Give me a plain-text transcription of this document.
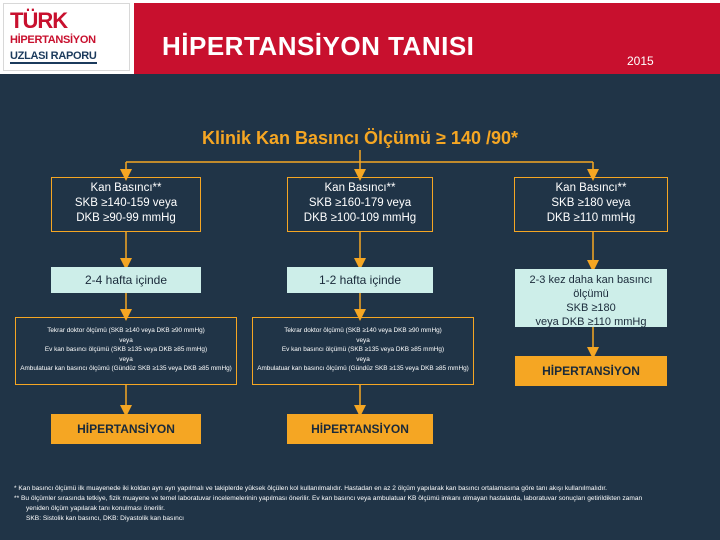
TÜRK
HİPERTANSİYON
UZLASI RAPORU	HİPERTANSİYON TANISI	2015
Klinik Kan Basıncı Ölçümü ≥ 140 /90*
Kan Basıncı**
SKB ≥140-159 veya
DKB ≥90-99 mmHg
2-4 hafta içinde
Tekrar doktor ölçümü (SKB ≥140 veya DKB ≥90 mmHg)
veya
Ev kan basıncı ölçümü (SKB ≥135 veya DKB ≥85 mmHg)
veya
Ambulatuar kan basıncı ölçümü (Gündüz SKB ≥135 veya DKB ≥85 mmHg)
HİPERTANSİYON
Kan Basıncı**
SKB ≥160-179 veya
DKB ≥100-109 mmHg
1-2 hafta içinde
Tekrar doktor ölçümü (SKB ≥140 veya DKB ≥90 mmHg)
veya
Ev kan basıncı ölçümü (SKB ≥135 veya DKB ≥85 mmHg)
veya
Ambulatuar kan basıncı ölçümü (Gündüz SKB ≥135 veya DKB ≥85 mmHg)
HİPERTANSİYON
Kan Basıncı**
SKB ≥180 veya
DKB ≥110 mmHg
2-3 kez daha kan basıncı ölçümü
SKB ≥180
veya DKB ≥110 mmHg
HİPERTANSİYON
* Kan basıncı ölçümü ilk muayenede iki koldan ayrı ayrı yapılmalı ve takiplerde yüksek ölçülen kol kullanılmalıdır. Hastadan en az 2 ölçüm yapılarak kan basıncı ortalamasına göre tanı akışı kullanılmalıdır.
** Bu ölçümler sırasında tetkiye, fizik muayene ve temel laboratuvar incelemelerinin yapılması önerilir. Ev kan basıncı veya ambulatuar KB ölçümü imkanı olmayan hastalarda, laboratuvar sonuçları getirildikten zaman
yeniden ölçüm yapılarak tanı konulması önerilir.
SKB: Sistolik kan basıncı, DKB: Diyastolik kan basıncı
